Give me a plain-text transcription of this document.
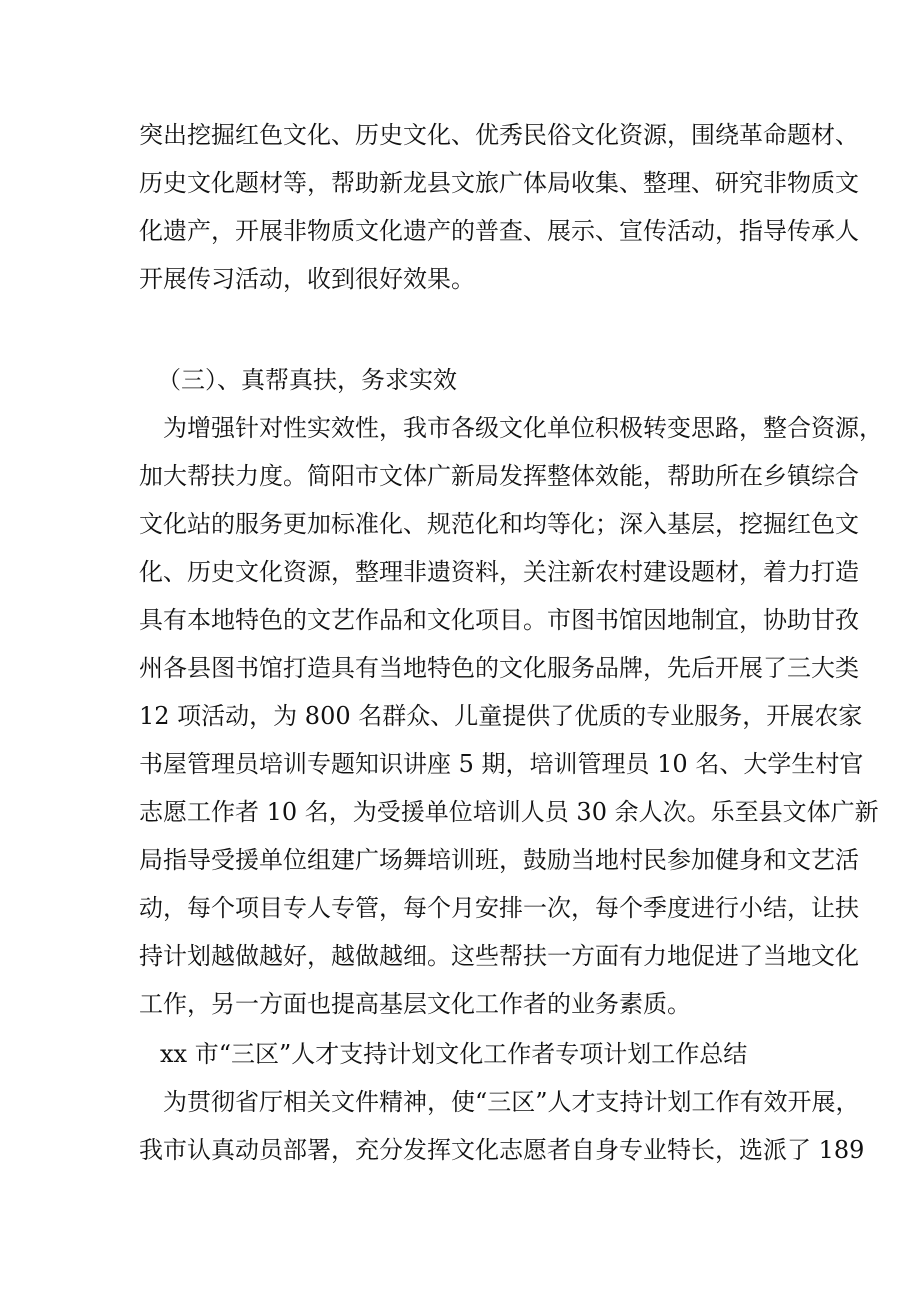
突出挖掘红色文化、历史文化、优秀民俗文化资源，围绕革命题材、
历史文化题材等，帮助新龙县文旅广体局收集、整理、研究非物质文
化遗产，开展非物质文化遗产的普查、展示、宣传活动，指导传承人
开展传习活动，收到很好效果。
（三）、真帮真扶，务求实效
为增强针对性实效性，我市各级文化单位积极转变思路，整合资源，
加大帮扶力度。简阳市文体广新局发挥整体效能，帮助所在乡镇综合
文化站的服务更加标准化、规范化和均等化；深入基层，挖掘红色文
化、历史文化资源，整理非遗资料，关注新农村建设题材，着力打造
具有本地特色的文艺作品和文化项目。市图书馆因地制宜，协助甘孜
州各县图书馆打造具有当地特色的文化服务品牌，先后开展了三大类
12 项活动，为 800 名群众、儿童提供了优质的专业服务，开展农家
书屋管理员培训专题知识讲座 5 期，培训管理员 10 名、大学生村官
志愿工作者 10 名，为受援单位培训人员 30 余人次。乐至县文体广新
局指导受援单位组建广场舞培训班，鼓励当地村民参加健身和文艺活
动，每个项目专人专管，每个月安排一次，每个季度进行小结，让扶
持计划越做越好，越做越细。这些帮扶一方面有力地促进了当地文化
工作，另一方面也提高基层文化工作者的业务素质。
xx 市“三区”人才支持计划文化工作者专项计划工作总结
为贯彻省厅相关文件精神，使“三区”人才支持计划工作有效开展，
我市认真动员部署，充分发挥文化志愿者自身专业特长，选派了 189
